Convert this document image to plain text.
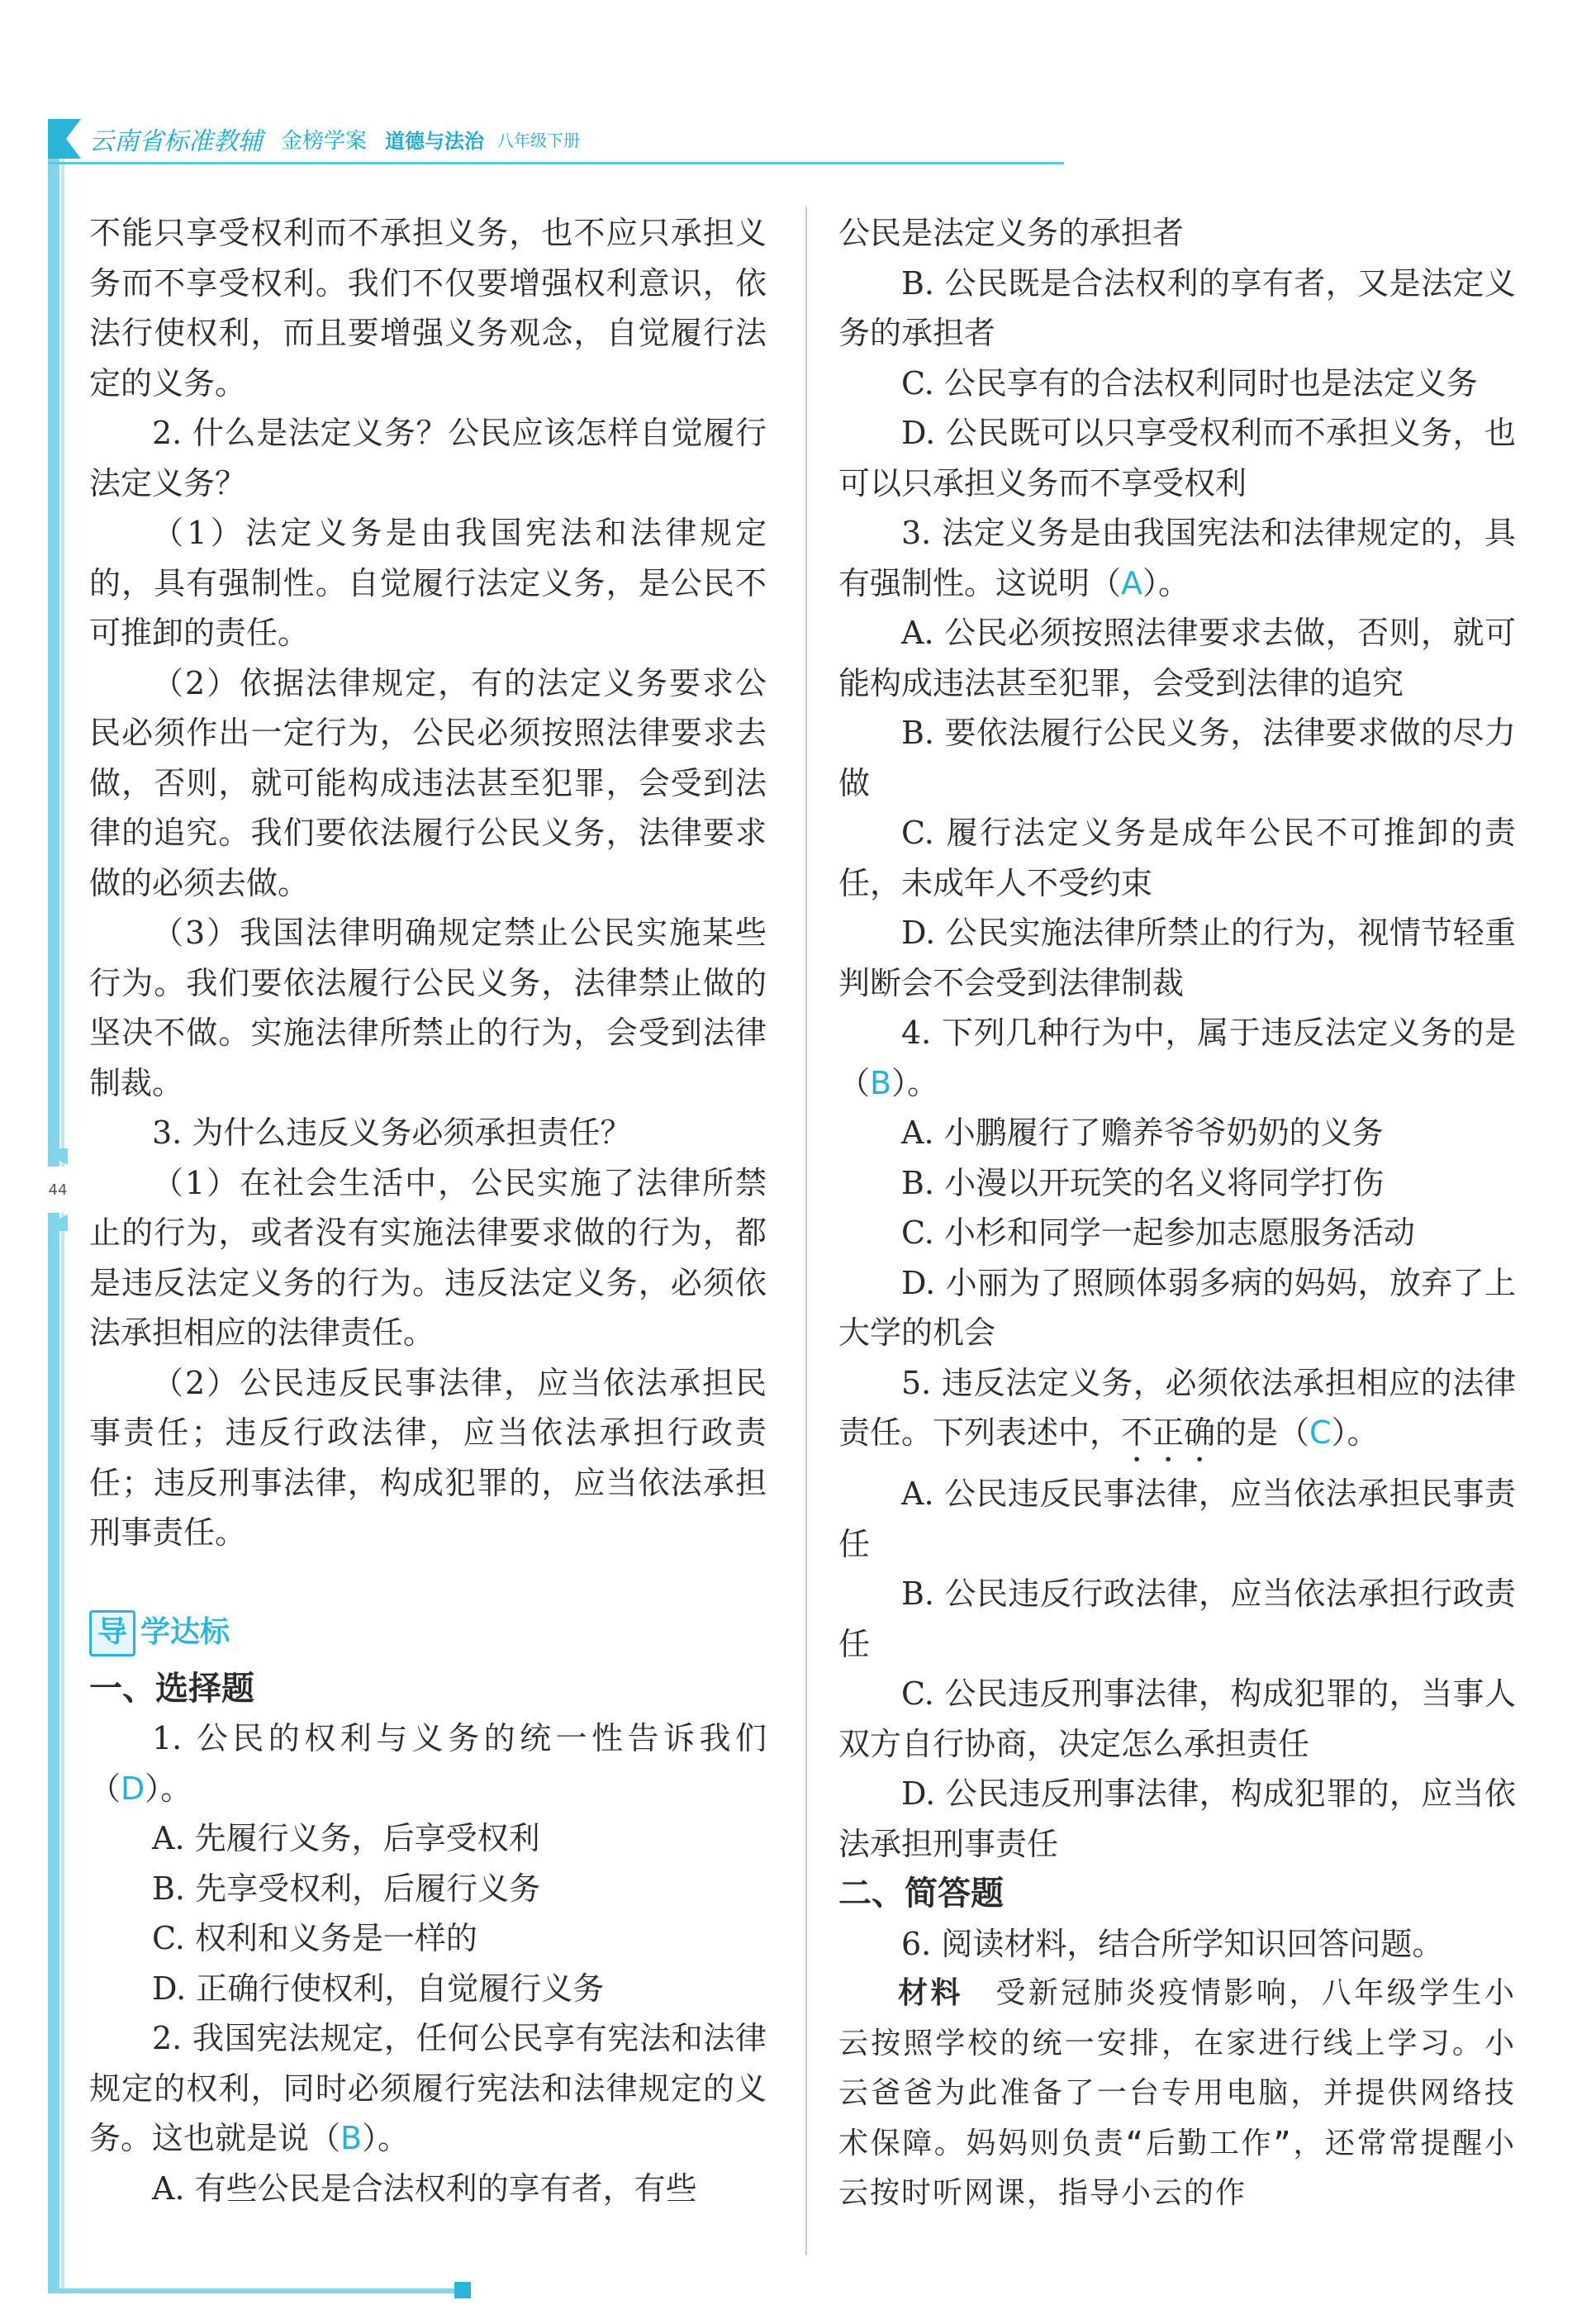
云南省标准教辅 金榜学案 道德与法治 八年级下册
44

不能只享受权利而不承担义务，也不应只承担义务而不享受权利。我们不仅要增强权利意识，依法行使权利，而且要增强义务观念，自觉履行法定的义务。

2. 什么是法定义务？公民应该怎样自觉履行法定义务？

（1）法定义务是由我国宪法和法律规定的，具有强制性。自觉履行法定义务，是公民不可推卸的责任。

（2）依据法律规定，有的法定义务要求公民必须作出一定行为，公民必须按照法律要求去做，否则，就可能构成违法甚至犯罪，会受到法律的追究。我们要依法履行公民义务，法律要求做的必须去做。

（3）我国法律明确规定禁止公民实施某些行为。我们要依法履行公民义务，法律禁止做的坚决不做。实施法律所禁止的行为，会受到法律制裁。

3. 为什么违反义务必须承担责任？

（1）在社会生活中，公民实施了法律所禁止的行为，或者没有实施法律要求做的行为，都是违反法定义务的行为。违反法定义务，必须依法承担相应的法律责任。

（2）公民违反民事法律，应当依法承担民事责任；违反行政法律，应当依法承担行政责任；违反刑事法律，构成犯罪的，应当依法承担刑事责任。

导 学达标

一、选择题

1. 公民的权利与义务的统一性告诉我们（D）。

A. 先履行义务，后享受权利

B. 先享受权利，后履行义务

C. 权利和义务是一样的

D. 正确行使权利，自觉履行义务

2. 我国宪法规定，任何公民享有宪法和法律规定的权利，同时必须履行宪法和法律规定的义务。这也就是说（B）。

A. 有些公民是合法权利的享有者，有些

公民是法定义务的承担者

B. 公民既是合法权利的享有者，又是法定义务的承担者

C. 公民享有的合法权利同时也是法定义务

D. 公民既可以只享受权利而不承担义务，也可以只承担义务而不享受权利

3. 法定义务是由我国宪法和法律规定的，具有强制性。这说明（A）。

A. 公民必须按照法律要求去做，否则，就可能构成违法甚至犯罪，会受到法律的追究

B. 要依法履行公民义务，法律要求做的尽力做

C. 履行法定义务是成年公民不可推卸的责任，未成年人不受约束

D. 公民实施法律所禁止的行为，视情节轻重判断会不会受到法律制裁

4. 下列几种行为中，属于违反法定义务的是（B）。

A. 小鹏履行了赡养爷爷奶奶的义务

B. 小漫以开玩笑的名义将同学打伤

C. 小杉和同学一起参加志愿服务活动

D. 小丽为了照顾体弱多病的妈妈，放弃了上大学的机会

5. 违反法定义务，必须依法承担相应的法律责任。下列表述中，不正确的是（C）。

A. 公民违反民事法律，应当依法承担民事责任

B. 公民违反行政法律，应当依法承担行政责任

C. 公民违反刑事法律，构成犯罪的，当事人双方自行协商，决定怎么承担责任

D. 公民违反刑事法律，构成犯罪的，应当依法承担刑事责任

二、简答题

6. 阅读材料，结合所学知识回答问题。

材料　 受新冠肺炎疫情影响，八年级学生小云按照学校的统一安排，在家进行线上学习。小云爸爸为此准备了一台专用电脑，并提供网络技术保障。妈妈则负责“后勤工作”，还常常提醒小云按时听网课，指导小云的作
